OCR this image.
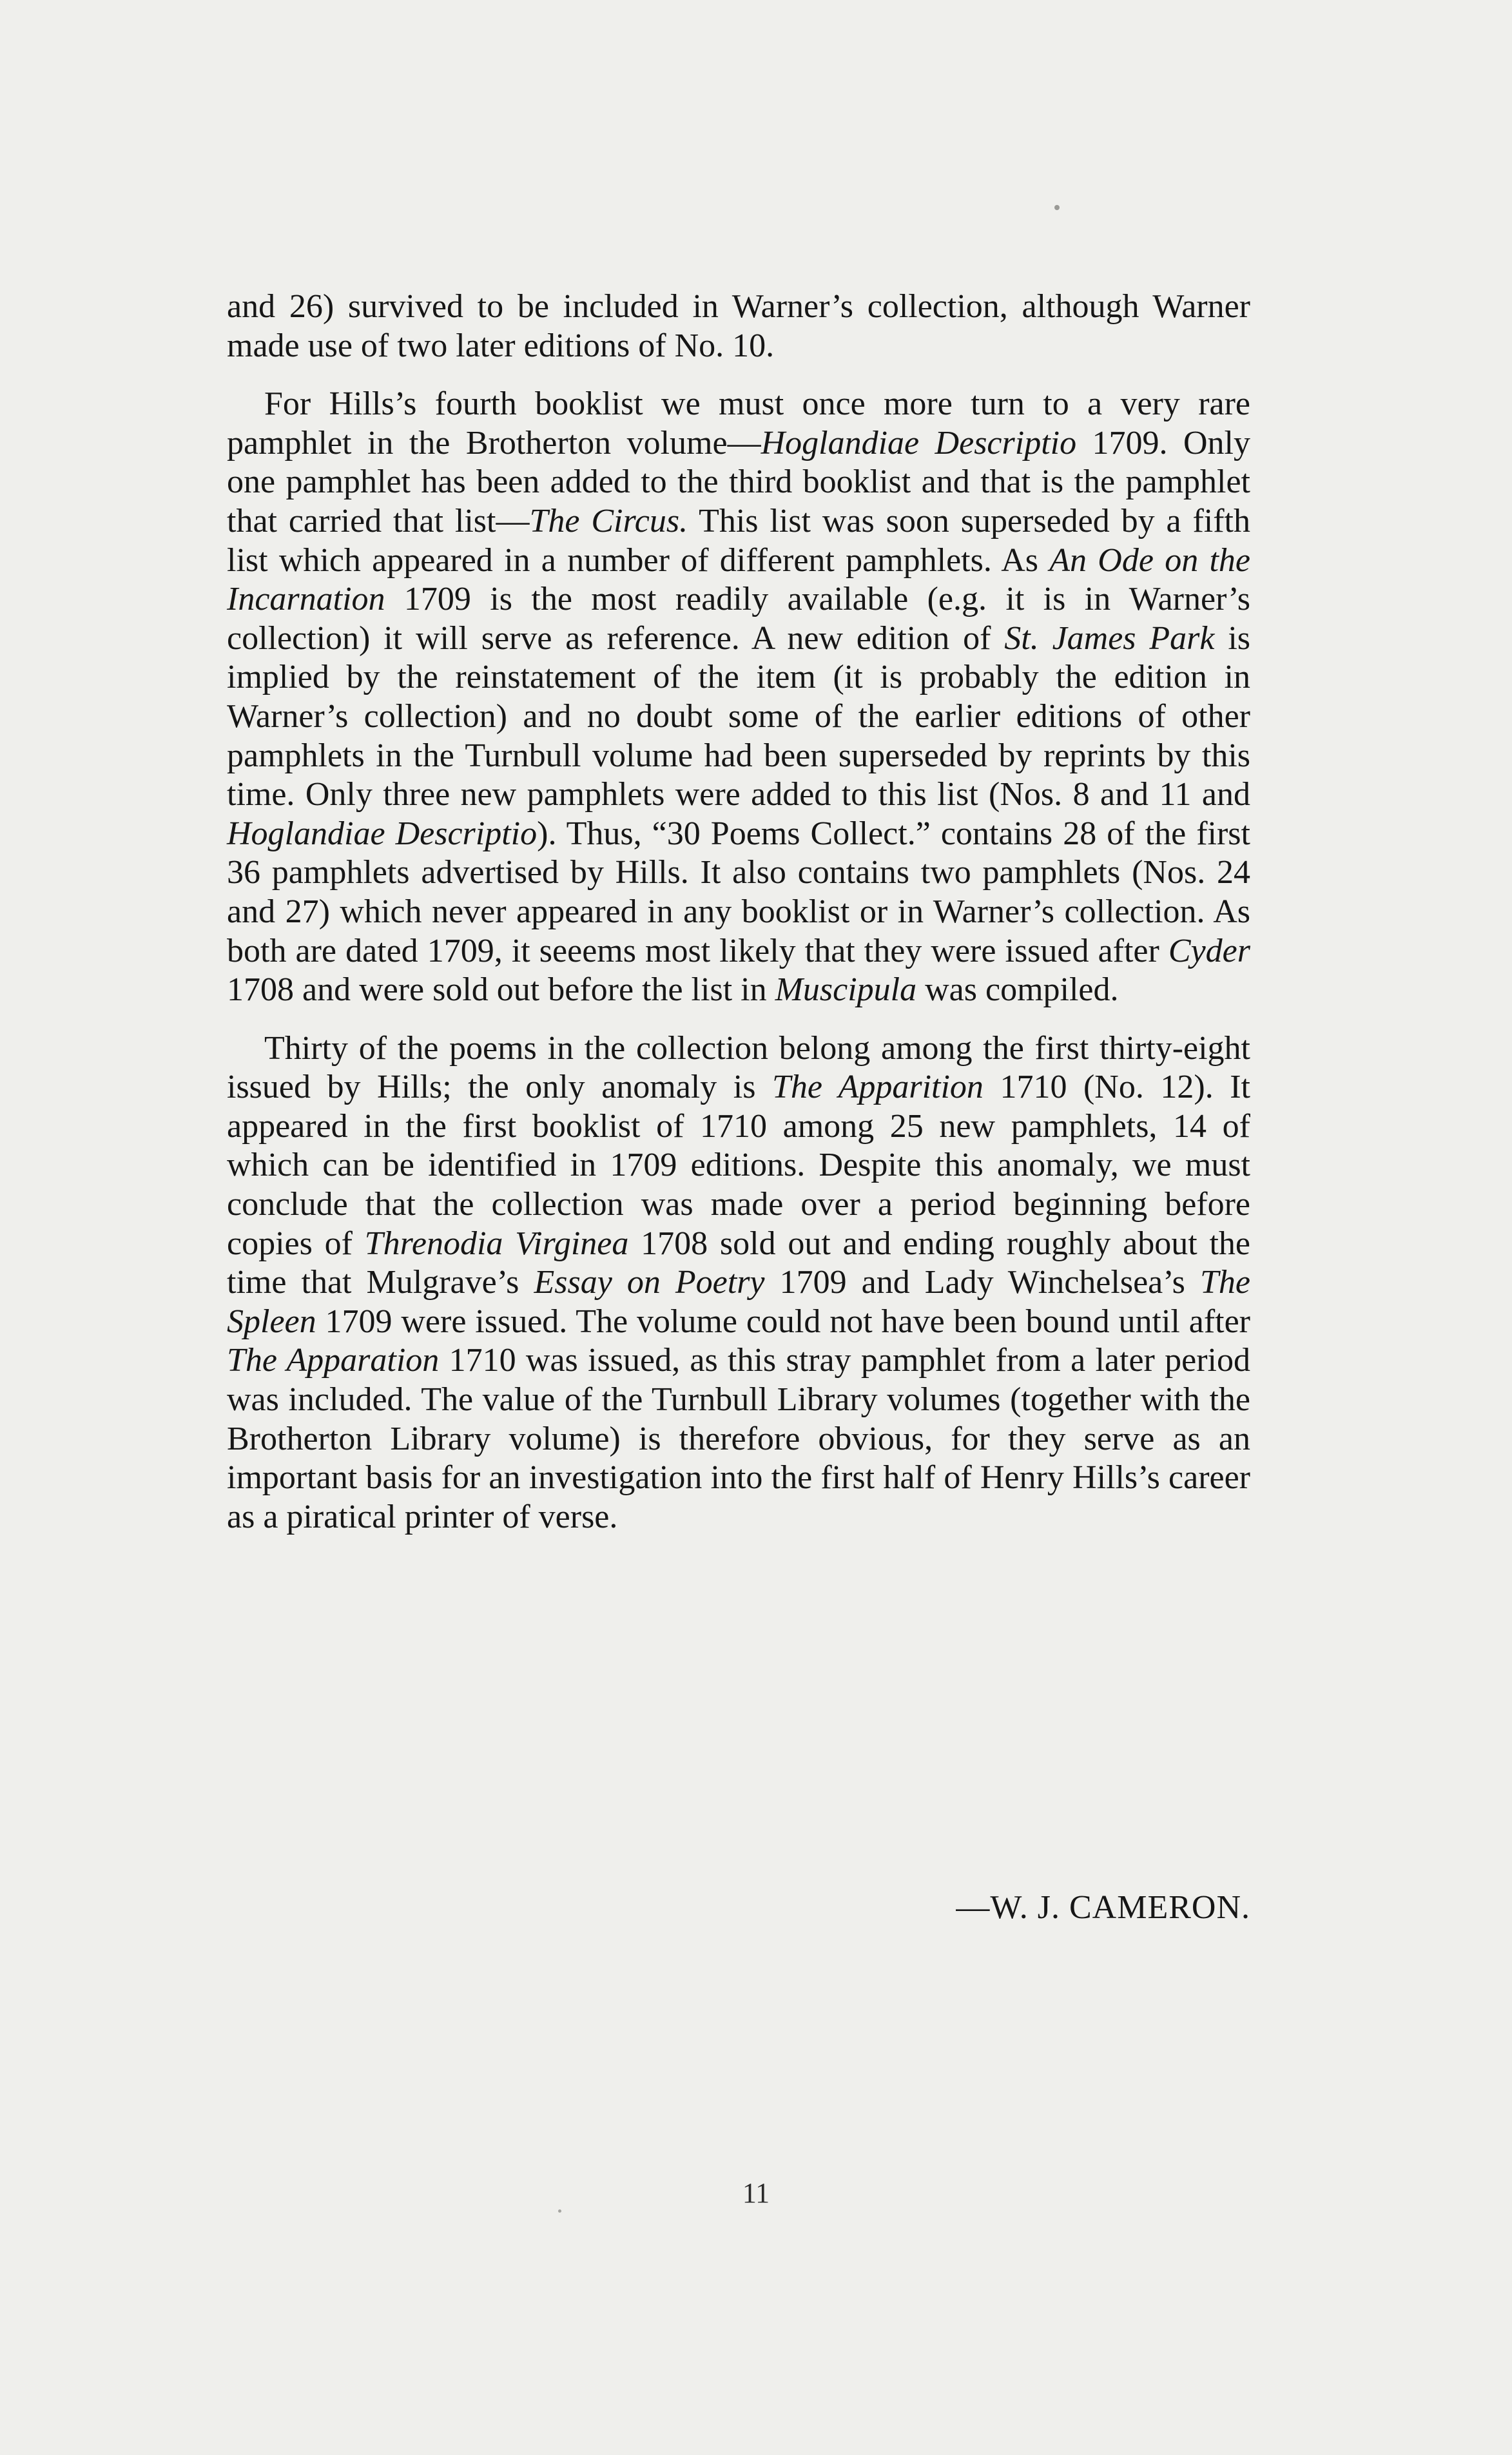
and 26) survived to be included in Warner’s collection, although Warner made use of two later editions of No. 10.

For Hills’s fourth booklist we must once more turn to a very rare pamphlet in the Brotherton volume—Hoglandiae Descriptio 1709. Only one pamphlet has been added to the third booklist and that is the pamphlet that carried that list—The Circus. This list was soon superseded by a fifth list which appeared in a number of different pamphlets. As An Ode on the Incarnation 1709 is the most readily available (e.g. it is in Warner’s collection) it will serve as reference. A new edition of St. James Park is implied by the reinstatement of the item (it is probably the edition in Warner’s collection) and no doubt some of the earlier editions of other pamphlets in the Turnbull volume had been superseded by reprints by this time. Only three new pamphlets were added to this list (Nos. 8 and 11 and Hoglandiae Descriptio). Thus, “30 Poems Collect.” contains 28 of the first 36 pamphlets advertised by Hills. It also contains two pamphlets (Nos. 24 and 27) which never appeared in any booklist or in Warner’s collection. As both are dated 1709, it seeems most likely that they were issued after Cyder 1708 and were sold out before the list in Muscipula was compiled.

Thirty of the poems in the collection belong among the first thirty-eight issued by Hills; the only anomaly is The Apparition 1710 (No. 12). It appeared in the first booklist of 1710 among 25 new pamphlets, 14 of which can be identified in 1709 editions. Despite this anomaly, we must conclude that the collection was made over a period beginning before copies of Threnodia Virginea 1708 sold out and ending roughly about the time that Mulgrave’s Essay on Poetry 1709 and Lady Winchelsea’s The Spleen 1709 were issued. The volume could not have been bound until after The Apparation 1710 was issued, as this stray pamphlet from a later period was included. The value of the Turnbull Library volumes (together with the Brotherton Library volume) is therefore obvious, for they serve as an important basis for an investigation into the first half of Henry Hills’s career as a piratical printer of verse.

—W. J. CAMERON.
11
